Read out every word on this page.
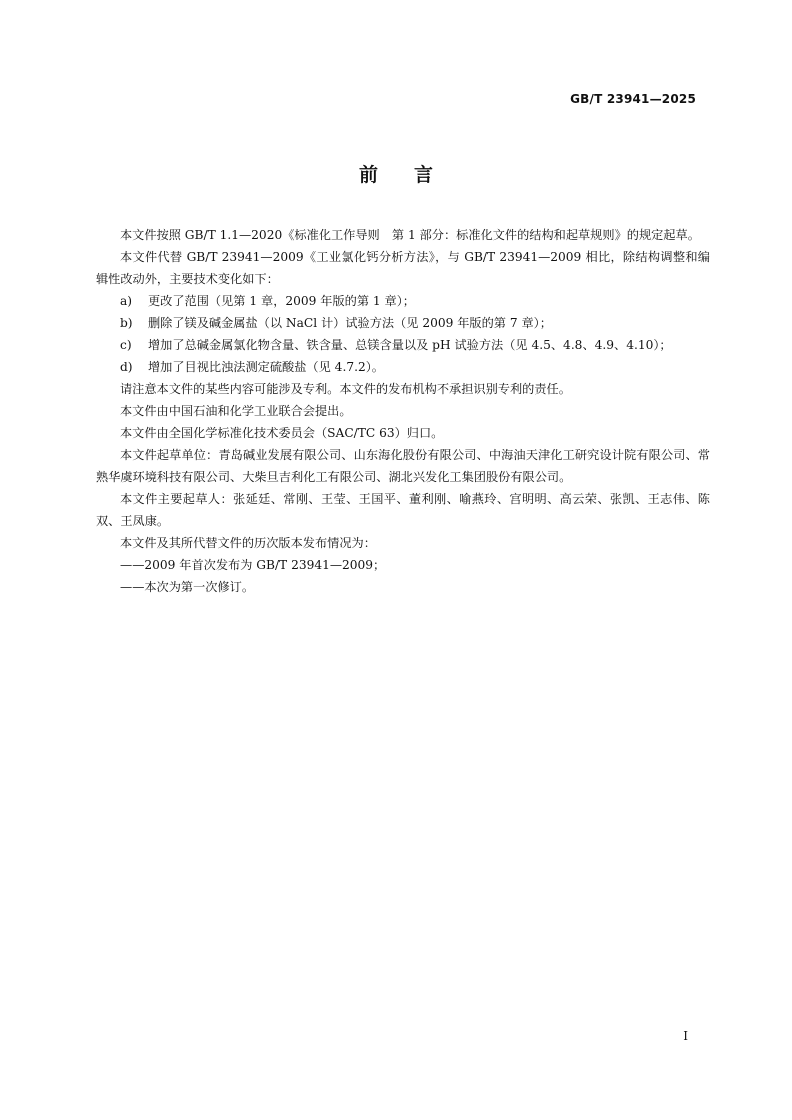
GB/T 23941—2025
前言

本文件按照 GB/T 1.1—2020《标准化工作导则　第 1 部分：标准化文件的结构和起草规则》的规定起草。

本文件代替 GB/T 23941—2009《工业氯化钙分析方法》，与 GB/T 23941—2009 相比，除结构调整和编辑性改动外，主要技术变化如下：

a)	更改了范围（见第 1 章，2009 年版的第 1 章）；
b)	删除了镁及碱金属盐（以 NaCl 计）试验方法（见 2009 年版的第 7 章）；
c)	增加了总碱金属氯化物含量、铁含量、总镁含量以及 pH 试验方法（见 4.5、4.8、4.9、4.10）；
d)	增加了目视比浊法测定硫酸盐（见 4.7.2）。

请注意本文件的某些内容可能涉及专利。本文件的发布机构不承担识别专利的责任。

本文件由中国石油和化学工业联合会提出。

本文件由全国化学标准化技术委员会（SAC/TC 63）归口。

本文件起草单位：青岛碱业发展有限公司、山东海化股份有限公司、中海油天津化工研究设计院有限公司、常熟华虞环境科技有限公司、大柴旦吉利化工有限公司、湖北兴发化工集团股份有限公司。

本文件主要起草人：张延廷、常刚、王莹、王国平、董利刚、喻燕玲、宫明明、高云荣、张凯、王志伟、陈双、王凤康。

本文件及其所代替文件的历次版本发布情况为：

——2009 年首次发布为 GB/T 23941—2009；

——本次为第一次修订。

I
